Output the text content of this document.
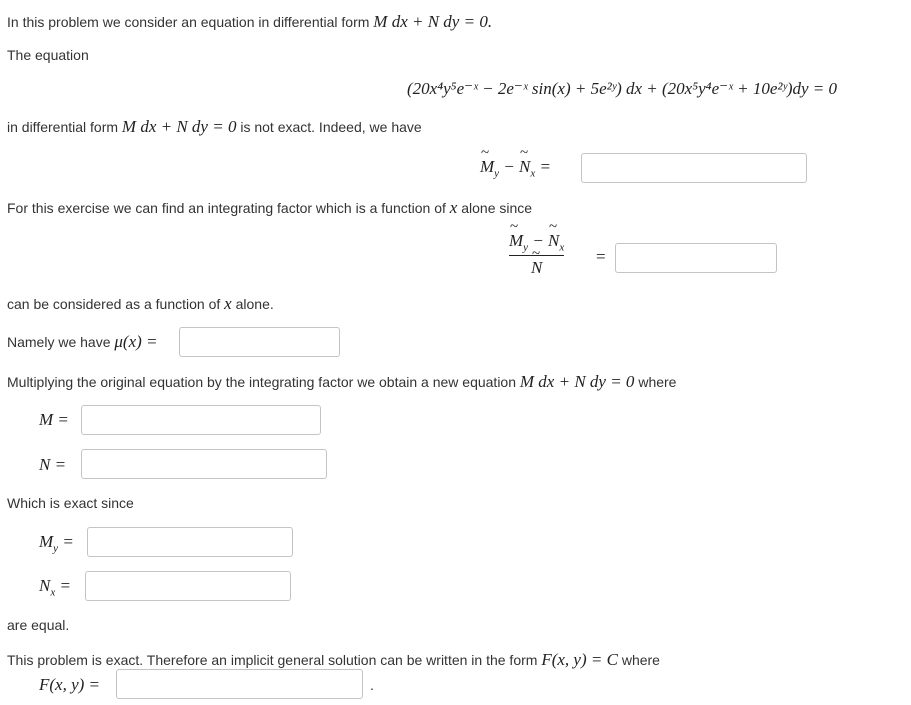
In this problem we consider an equation in differential form M dx + N dy = 0.
The equation
(20x⁴y⁵e⁻ˣ − 2e⁻ˣ sin(x) + 5e²ʸ) dx + (20x⁵y⁴e⁻ˣ + 10e²ʸ)dy = 0
in differential form M dx + N dy = 0 is not exact. Indeed, we have
~ $M_y$ − ~ $N_x$ =
For this exercise we can find an integrating factor which is a function of x alone since
~ $M_y$ − ~ $N_x$
~ N =
can be considered as a function of x alone.
Namely we have μ(x) =
Multiplying the original equation by the integrating factor we obtain a new equation M dx + N dy = 0 where
M =
N =
Which is exact since
$M_y$ =
$N_x$ =
are equal.
This problem is exact. Therefore an implicit general solution can be written in the form F(x, y) = C where
F(x, y) =	.
